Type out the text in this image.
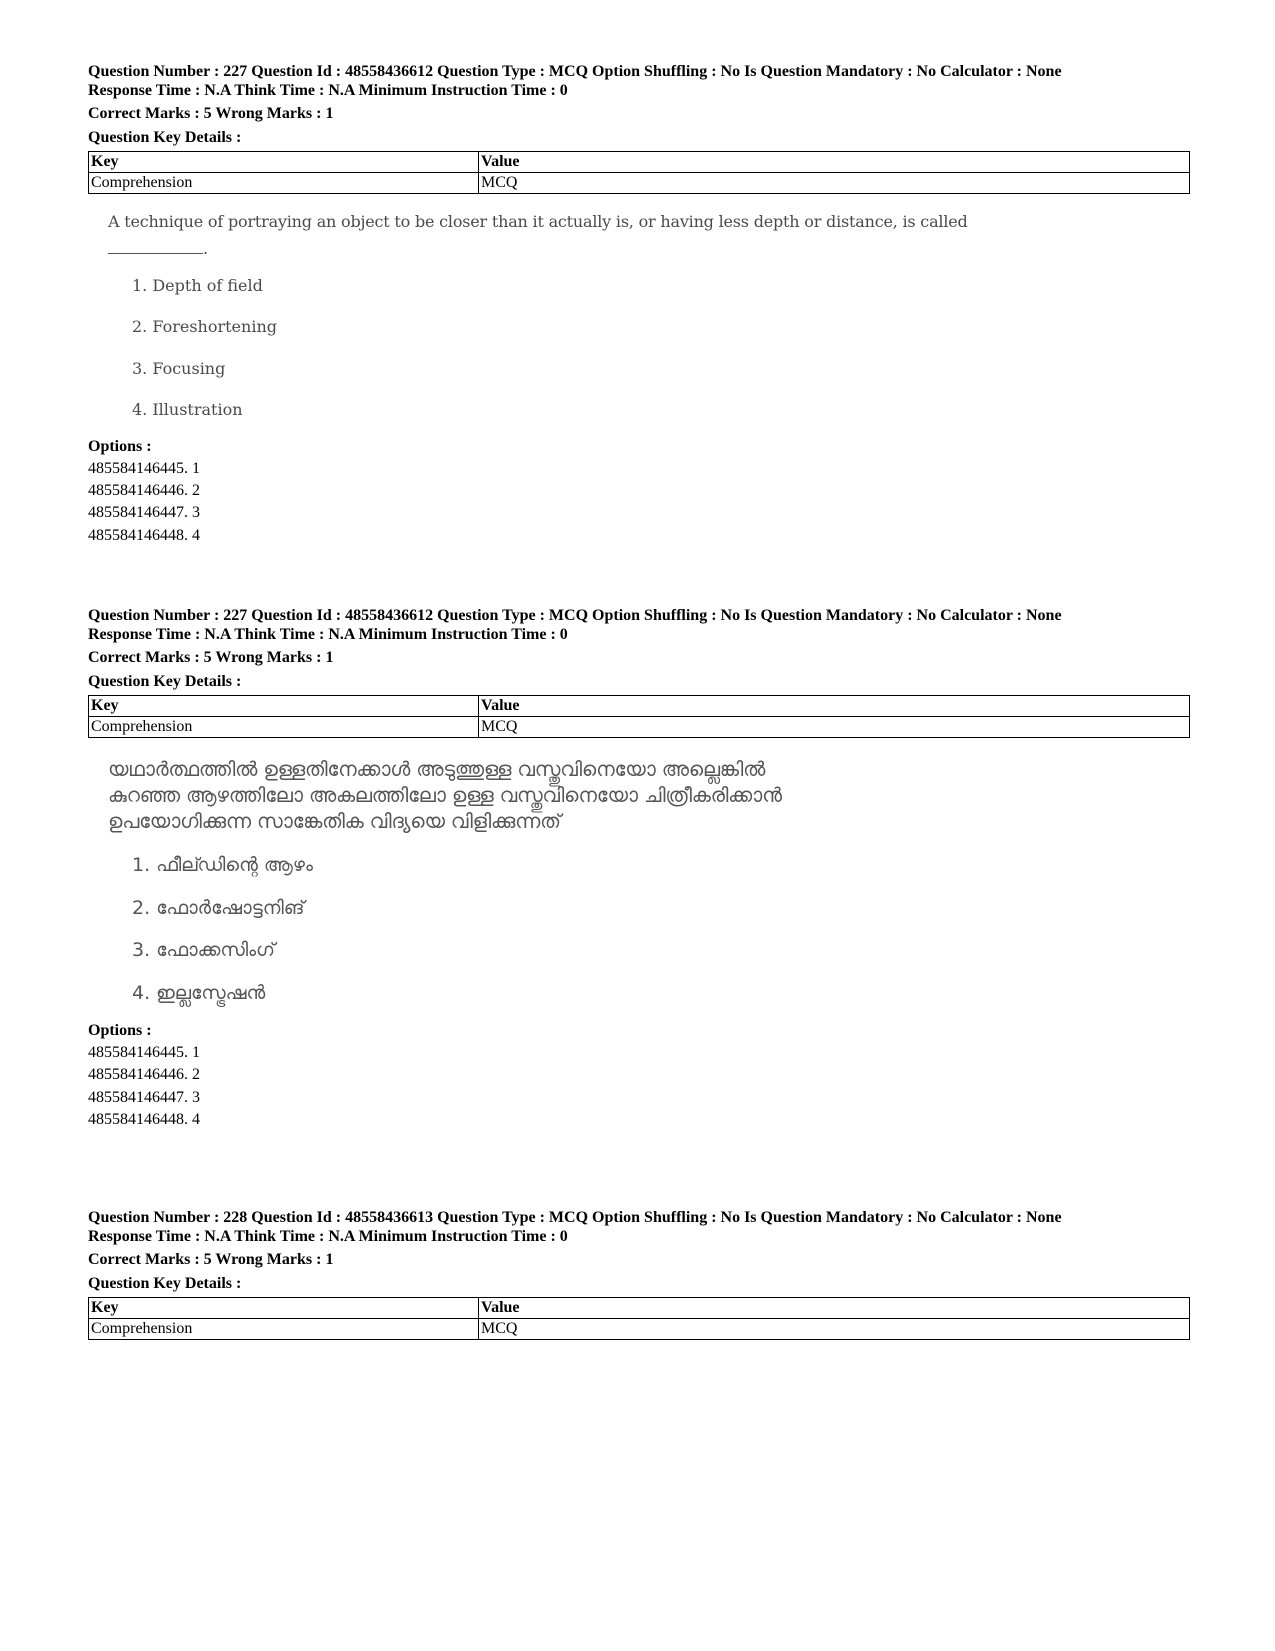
Question Number : 227 Question Id : 48558436612 Question Type : MCQ Option Shuffling : No Is Question Mandatory : No Calculator : None
Response Time : N.A Think Time : N.A Minimum Instruction Time : 0
Correct Marks : 5 Wrong Marks : 1
Question Key Details :
Key	Value
Comprehension	MCQ
A technique of portraying an object to be closer than it actually is, or having less depth or distance, is called
.
1. Depth of field
2. Foreshortening
3. Focusing
4. Illustration
Options :
485584146445. 1
485584146446. 2
485584146447. 3
485584146448. 4
Question Number : 227 Question Id : 48558436612 Question Type : MCQ Option Shuffling : No Is Question Mandatory : No Calculator : None
Response Time : N.A Think Time : N.A Minimum Instruction Time : 0
Correct Marks : 5 Wrong Marks : 1
Question Key Details :
Key	Value
Comprehension	MCQ
യഥാർത്ഥത്തിൽ ഉള്ളതിനേക്കാൾ അടുത്തുള്ള വസ്തുവിനെയോ അല്ലെങ്കിൽ
കുറഞ്ഞ ആഴത്തിലോ അകലത്തിലോ ഉള്ള വസ്തുവിനെയോ ചിത്രീകരിക്കാൻ
ഉപയോഗിക്കുന്ന സാങ്കേതിക വിദ്യയെ വിളിക്കുന്നത്
1. ഫീല്ഡിന്റെ ആഴം
2. ഫോർഷോട്ടനിങ്
3. ഫോക്കസിംഗ്
4. ഇല്ലസ്ട്രേഷൻ
Options :
485584146445. 1
485584146446. 2
485584146447. 3
485584146448. 4
Question Number : 228 Question Id : 48558436613 Question Type : MCQ Option Shuffling : No Is Question Mandatory : No Calculator : None
Response Time : N.A Think Time : N.A Minimum Instruction Time : 0
Correct Marks : 5 Wrong Marks : 1
Question Key Details :
Key	Value
Comprehension	MCQ
